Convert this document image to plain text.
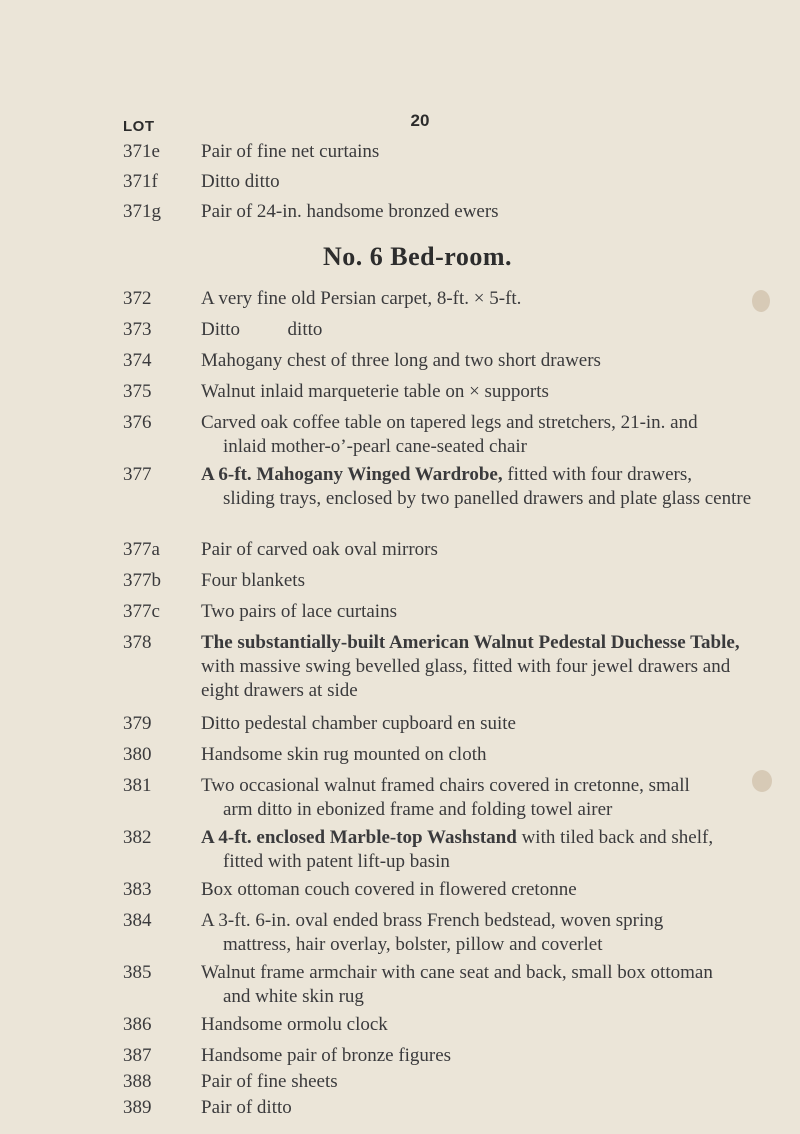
20
LOT
371e	Pair of fine net curtains
371f	Ditto ditto
371g	Pair of 24-in. handsome bronzed ewers
No. 6 Bed-room.
372	A very fine old Persian carpet, 8-ft. × 5-ft.
373	Ditto          ditto
374	Mahogany chest of three long and two short drawers
375	Walnut inlaid marqueterie table on × supports
376	Carved oak coffee table on tapered legs and stretchers, 21-in. and
inlaid mother-o’-pearl cane-seated chair
377	A 6-ft. Mahogany Winged Wardrobe, fitted with four drawers,
sliding trays, enclosed by two panelled drawers and plate glass centre
377a	Pair of carved oak oval mirrors
377b	Four blankets
377c	Two pairs of lace curtains
378	The substantially-built American Walnut Pedestal Duchesse Table, with massive swing bevelled glass, fitted with four jewel drawers and eight drawers at side
379	Ditto pedestal chamber cupboard en suite
380	Handsome skin rug mounted on cloth
381	Two occasional walnut framed chairs covered in cretonne, small
arm ditto in ebonized frame and folding towel airer
382	A 4-ft. enclosed Marble-top Washstand with tiled back and shelf,
fitted with patent lift-up basin
383	Box ottoman couch covered in flowered cretonne
384	A 3-ft. 6-in. oval ended brass French bedstead, woven spring
mattress, hair overlay, bolster, pillow and coverlet
385	Walnut frame armchair with cane seat and back, small box ottoman
and white skin rug
386	Handsome ormolu clock
387	Handsome pair of bronze figures
388	Pair of fine sheets
389	Pair of ditto
